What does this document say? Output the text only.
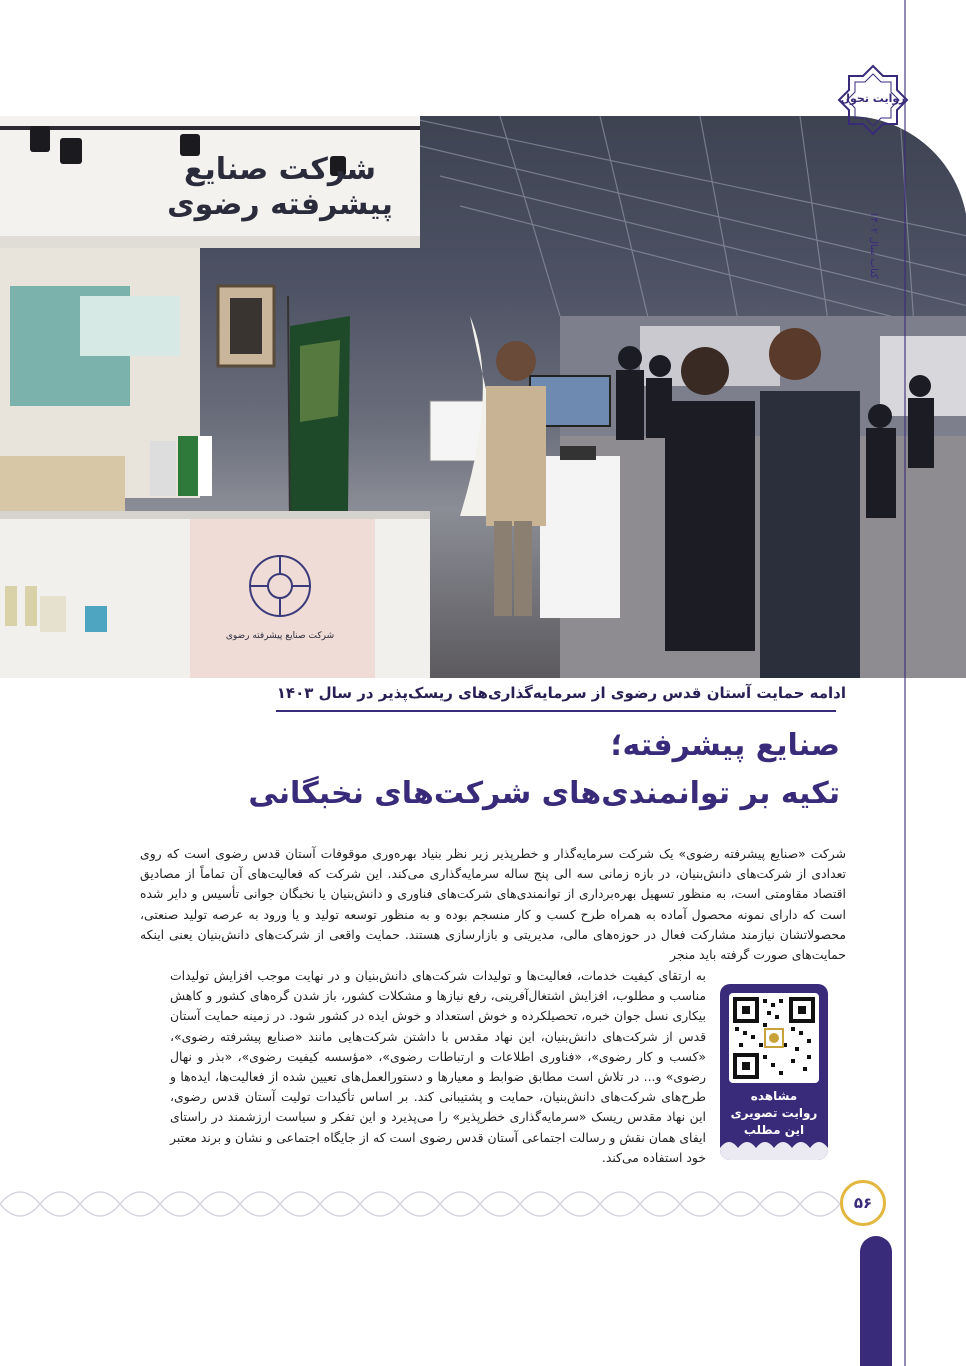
شرکت صنایع پیشرفته رضوی
شرکت صنایع پیشرفته رضوی
روایت تحول
کتاب سال ۱۴۰۲
ادامه حمایت آستان قدس رضوی از سرمایه‌گذاری‌های ریسک‌پذیر در سال ۱۴۰۳
صنایع پیشرفته؛
تکیه بر توانمندی‌های شرکت‌های نخبگانی

شرکت «صنایع پیشرفته رضوی» یک شرکت سرمایه‌گذار و خطرپذیر زیر نظر بنیاد بهره‌وری موقوفات آستان قدس رضوی است که روی تعدادی از شرکت‌های دانش‌بنیان، در بازه زمانی سه الی پنج ساله سرمایه‌گذاری می‌کند. این شرکت که فعالیت‌های آن تماماً از مصادیق اقتصاد مقاومتی است، به منظور تسهیل بهره‌برداری از توانمندی‌های شرکت‌های فناوری و دانش‌بنیان یا نخبگان جوانی تأسیس و دایر شده است که دارای نمونه محصول آماده به همراه طرح کسب و کار منسجم بوده و به منظور توسعه تولید و یا ورود به عرصه تولید صنعتی، محصولاتشان نیازمند مشارکت فعال در حوزه‌های مالی، مدیریتی و بازارسازی هستند. حمایت واقعی از شرکت‌های دانش‌بنیان یعنی اینکه حمایت‌های صورت گرفته باید منجر

به ارتقای کیفیت خدمات، فعالیت‌ها و تولیدات شرکت‌های دانش‌بنیان و در نهایت موجب افزایش تولیدات مناسب و مطلوب، افزایش اشتغال‌آفرینی، رفع نیازها و مشکلات کشور، باز شدن گره‌های کشور و کاهش بیکاری نسل جوان خبره، تحصیلکرده و خوش استعداد و خوش ایده در کشور شود. در زمینه حمایت آستان قدس از شرکت‌های دانش‌بنیان، این نهاد مقدس با داشتن شرکت‌هایی مانند «صنایع پیشرفته رضوی»، «کسب و کار رضوی»، «فناوری اطلاعات و ارتباطات رضوی»، «مؤسسه کیفیت رضوی»، «بذر و نهال رضوی» و... در تلاش است مطابق ضوابط و معیارها و دستورالعمل‌های تعیین شده از فعالیت‌ها، ایده‌ها و طرح‌های شرکت‌های دانش‌بنیان، حمایت و پشتیبانی کند. بر اساس تأکیدات تولیت آستان قدس رضوی، این نهاد مقدس ریسک «سرمایه‌گذاری خطرپذیر» را می‌پذیرد و این تفکر و سیاست ارزشمند در راستای ایفای همان نقش و رسالت اجتماعی آستان قدس رضوی است که از جایگاه اجتماعی و نشان و برند معتبر خود استفاده می‌کند.

مشاهده
روایت تصویری
این مطلب
۵۶
